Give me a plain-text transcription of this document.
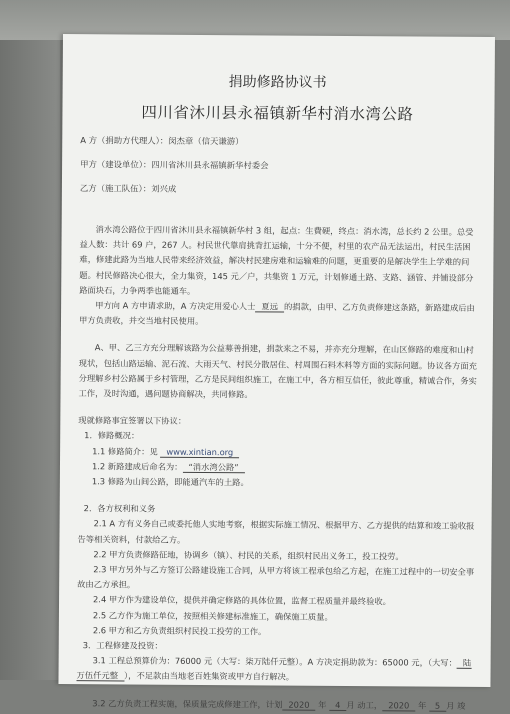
捐助修路协议书
四川省沐川县永福镇新华村消水湾公路
A 方（捐助方代理人）：闵杰章（信天谦游）
甲方（建设单位）：四川省沐川县永福镇新华村委会
乙方（施工队伍）：刘兴成
消水湾公路位于四川省沐川县永福镇新华村 3 组，起点：生費硬，终点：消水湾，总长约 2 公里。总受益人数：共计 69 户，267 人。村民世代靠肩挑背扛运输，十分不便，村里的农产品无法运出，村民生活困难，修建此路为当地人民带来经济效益，解决村民建房难和运输难的问题，更重要的是解决学生上学难的问题。村民修路决心很大，全力集资，145 元／户，共集资 1 万元，计划修通土路、支路、涵管、并铺设部分路面块石，力争两季也能通车。
甲方向 A 方申请求助，A 方决定用爱心人士 夏远 的捐款，由甲、乙方负责修建这条路，新路建成后由甲方负责收，并交当地村民使用。
A、甲、乙三方充分理解该路为公益募善捐建，捐款来之不易，并亦充分理解，在山区修路的难度和山村现状，包括山路运输、泥石流、大雨天气、村民分散居住、村周围石料木料等方面的实际问题。协议各方面充分理解乡村公路属于乡村管理，乙方是民间组织施工，在施工中，各方相互信任，彼此尊重，精诚合作，务实工作，及时沟通，遇问题协商解决，共同修路。
现就修路事宜签署以下协议：
1．修路概况：
1.1 修路简介：见 www.xintian.org
1.2 新路建成后命名为： “消水湾公路”
1.3 修路为山间公路，即能通汽车的土路。
2．各方权利和义务
2.1 A 方有义务自己或委托他人实地考察，根据实际施工情况、根据甲方、乙方提供的结算和竣工验收报告等相关资料，付款给乙方。
2.2 甲方负责修路征地，协调乡（镇）、村民的关系，组织村民出义务工，投工投劳。
2.3 甲方另外与乙方签订公路建设施工合同，从甲方将该工程承包给乙方起，在施工过程中的一切安全事故由乙方承担。
2.4 甲方作为建设单位，提供并确定修路的具体位置，监督工程质量并最终验收。
2.5 乙方作为施工单位，按照相关修建标准施工，确保施工质量。
2.6 甲方和乙方负责组织村民投工投劳的工作。
3．工程修建及投资：
3.1 工程总预算价为：76000 元（大写：柒万陆仟元整）。A 方决定捐助款为：65000 元，（大写： 陆万伍仟元整 ），不足款由当地老百姓集资或甲方自行解决。
3.2 乙方负责工程实施，保质量完成修建工作，计划 2020 年 4 月 动工， 2020 年 5 月 竣
